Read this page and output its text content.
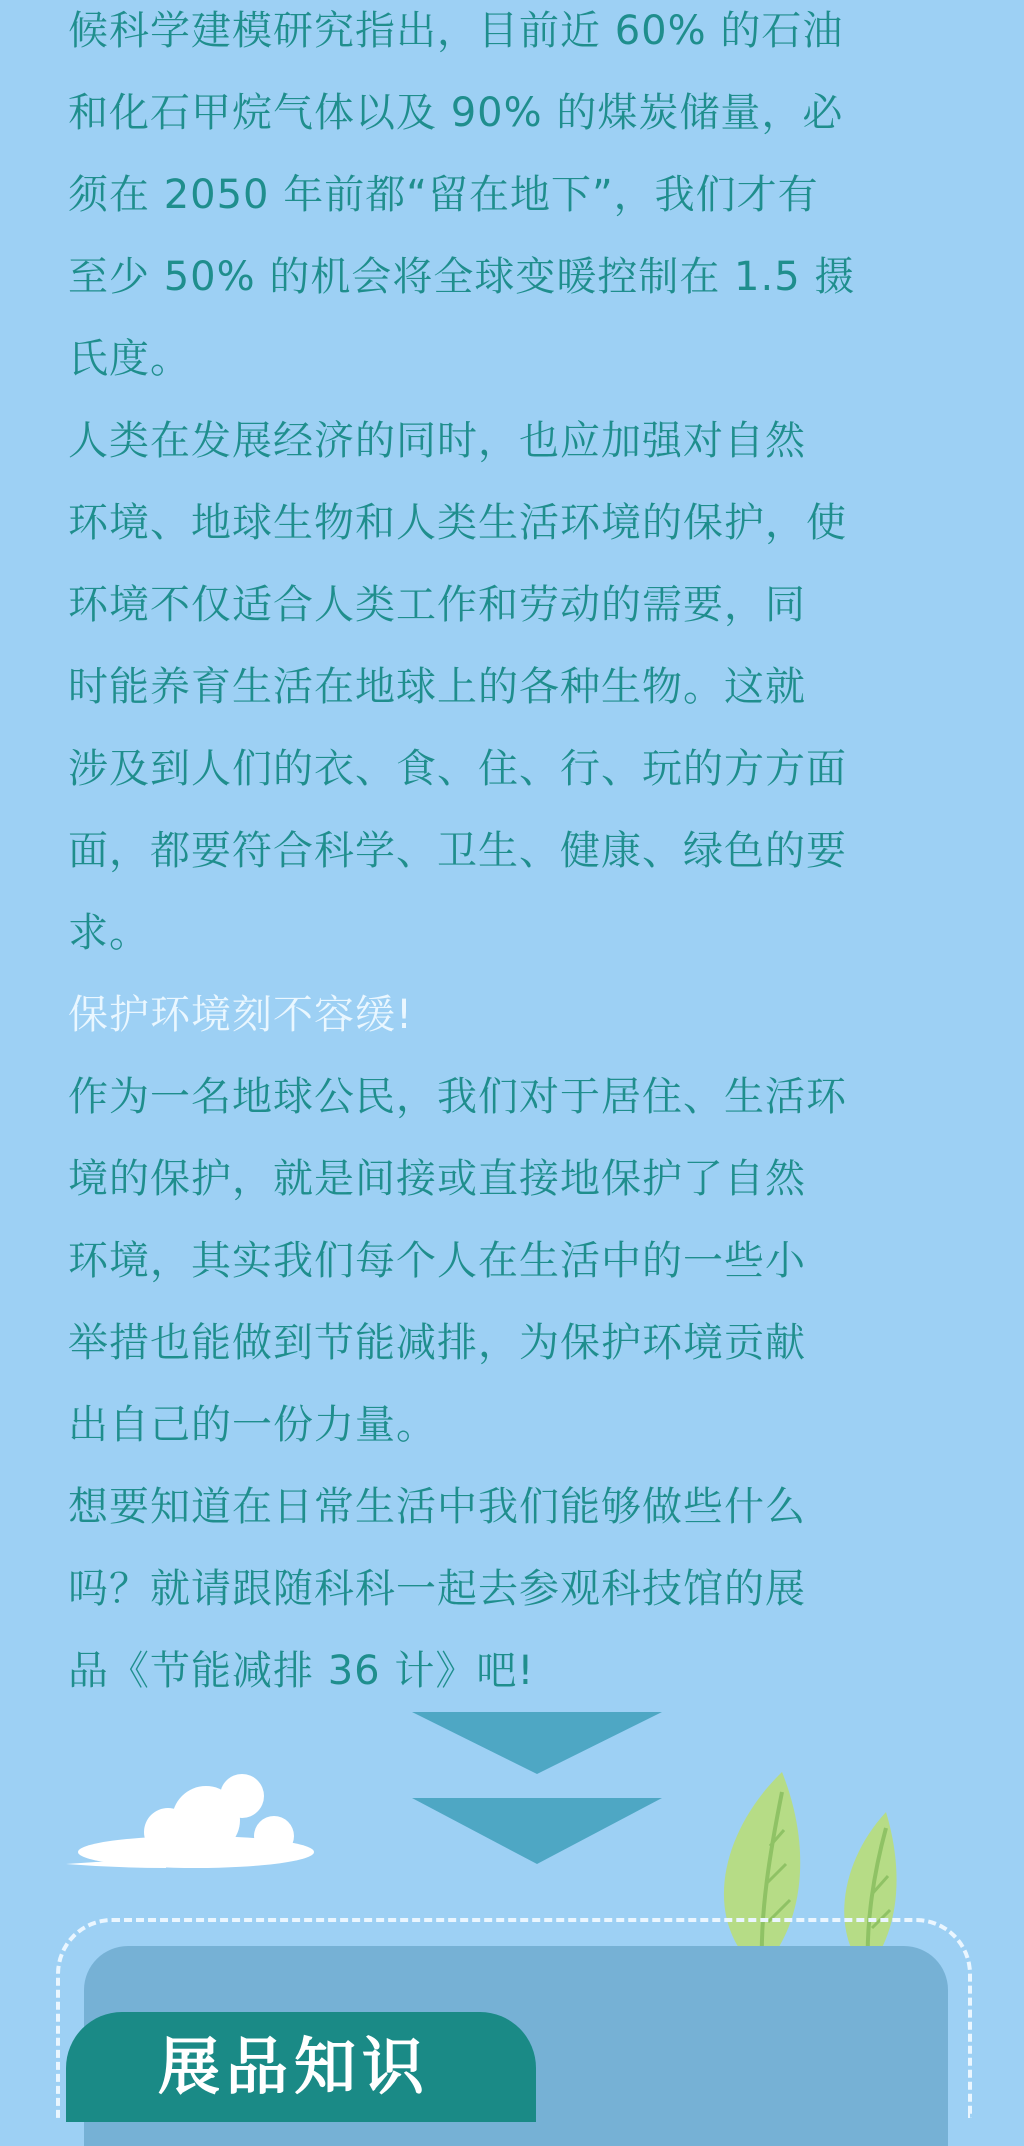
候科学建模研究指出，目前近 60% 的石油
和化石甲烷气体以及 90% 的煤炭储量，必
须在 2050 年前都“留在地下”，我们才有
至少 50% 的机会将全球变暖控制在 1.5 摄
氏度。

人类在发展经济的同时，也应加强对自然
环境、地球生物和人类生活环境的保护，使
环境不仅适合人类工作和劳动的需要，同
时能养育生活在地球上的各种生物。这就
涉及到人们的衣、食、住、行、玩的方方面
面，都要符合科学、卫生、健康、绿色的要
求。

保护环境刻不容缓!

作为一名地球公民，我们对于居住、生活环
境的保护，就是间接或直接地保护了自然
环境，其实我们每个人在生活中的一些小
举措也能做到节能减排，为保护环境贡献
出自己的一份力量。

想要知道在日常生活中我们能够做些什么
吗？就请跟随科科一起去参观科技馆的展
品《节能减排 36 计》吧!

展品知识
